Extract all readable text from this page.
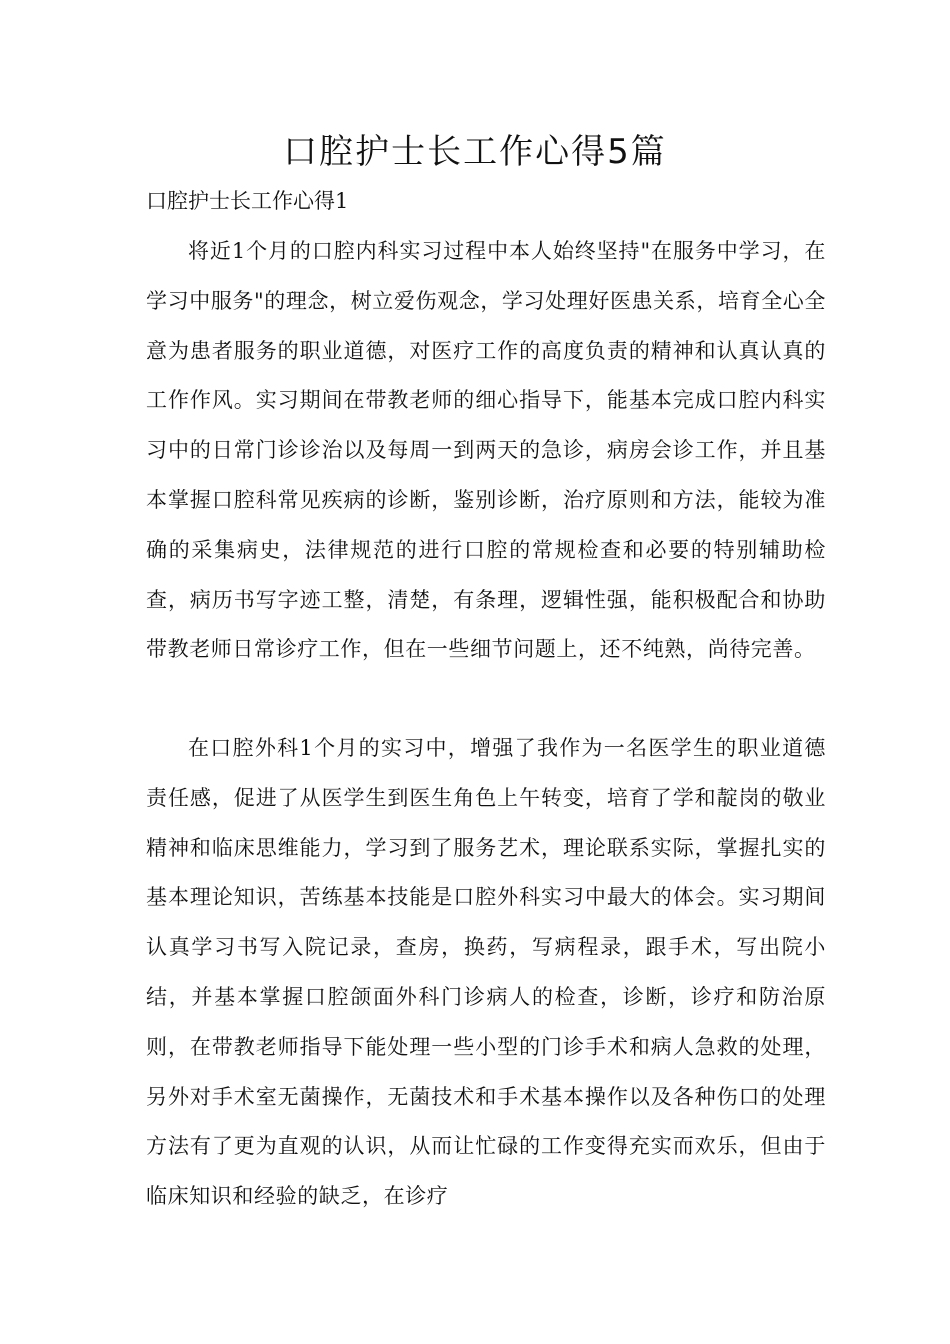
口腔护士长工作心得5篇
口腔护士长工作心得1

将近1个月的口腔内科实习过程中本人始终坚持"在服务中学习，在学习中服务"的理念，树立爱伤观念，学习处理好医患关系，培育全心全意为患者服务的职业道德，对医疗工作的高度负责的精神和认真认真的工作作风。实习期间在带教老师的细心指导下，能基本完成口腔内科实习中的日常门诊诊治以及每周一到两天的急诊，病房会诊工作，并且基本掌握口腔科常见疾病的诊断，鉴别诊断，治疗原则和方法，能较为准确的采集病史，法律规范的进行口腔的常规检查和必要的特别辅助检查，病历书写字迹工整，清楚，有条理，逻辑性强，能积极配合和协助带教老师日常诊疗工作，但在一些细节问题上，还不纯熟，尚待完善。

在口腔外科1个月的实习中，增强了我作为一名医学生的职业道德责任感，促进了从医学生到医生角色上午转变，培育了学和靛岗的敬业精神和临床思维能力，学习到了服务艺术，理论联系实际，掌握扎实的基本理论知识，苦练基本技能是口腔外科实习中最大的体会。实习期间认真学习书写入院记录，查房，换药，写病程录，跟手术，写出院小结，并基本掌握口腔颌面外科门诊病人的检查，诊断，诊疗和防治原则，在带教老师指导下能处理一些小型的门诊手术和病人急救的处理，另外对手术室无菌操作，无菌技术和手术基本操作以及各种伤口的处理方法有了更为直观的认识，从而让忙碌的工作变得充实而欢乐，但由于临床知识和经验的缺乏，在诊疗
